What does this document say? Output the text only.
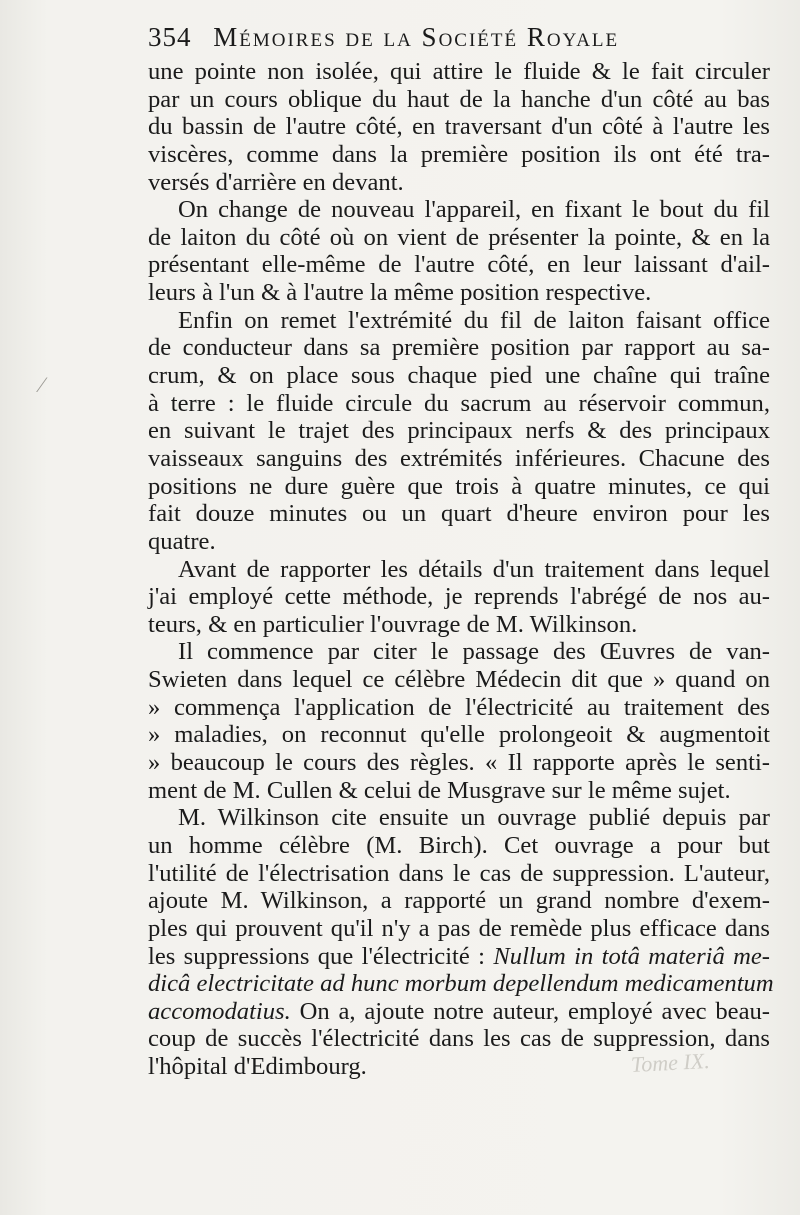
354 Mémoires de la Société Royale
une pointe non isolée, qui attire le fluide & le fait circuler
par un cours oblique du haut de la hanche d'un côté au bas
du bassin de l'autre côté, en traversant d'un côté à l'autre les
viscères, comme dans la première position ils ont été tra-
versés d'arrière en devant.
On change de nouveau l'appareil, en fixant le bout du fil
de laiton du côté où on vient de présenter la pointe, & en la
présentant elle-même de l'autre côté, en leur laissant d'ail-
leurs à l'un & à l'autre la même position respective.
Enfin on remet l'extrémité du fil de laiton faisant office
de conducteur dans sa première position par rapport au sa-
crum, & on place sous chaque pied une chaîne qui traîne
à terre : le fluide circule du sacrum au réservoir commun,
en suivant le trajet des principaux nerfs & des principaux
vaisseaux sanguins des extrémités inférieures. Chacune des
positions ne dure guère que trois à quatre minutes, ce qui
fait douze minutes ou un quart d'heure environ pour les
quatre.
Avant de rapporter les détails d'un traitement dans lequel
j'ai employé cette méthode, je reprends l'abrégé de nos au-
teurs, & en particulier l'ouvrage de M. Wilkinson.
Il commence par citer le passage des Œuvres de van-
Swieten dans lequel ce célèbre Médecin dit que » quand on
» commença l'application de l'électricité au traitement des
» maladies, on reconnut qu'elle prolongeoit & augmentoit
» beaucoup le cours des règles. « Il rapporte après le senti-
ment de M. Cullen & celui de Musgrave sur le même sujet.
M. Wilkinson cite ensuite un ouvrage publié depuis par
un homme célèbre (M. Birch). Cet ouvrage a pour but
l'utilité de l'électrisation dans le cas de suppression. L'auteur,
ajoute M. Wilkinson, a rapporté un grand nombre d'exem-
ples qui prouvent qu'il n'y a pas de remède plus efficace dans
les suppressions que l'électricité : Nullum in totâ materiâ me-
dicâ electricitate ad hunc morbum depellendum medicamentum
accomodatius. On a, ajoute notre auteur, employé avec beau-
coup de succès l'électricité dans les cas de suppression, dans
l'hôpital d'Edimbourg.	Tome IX.
⁄
